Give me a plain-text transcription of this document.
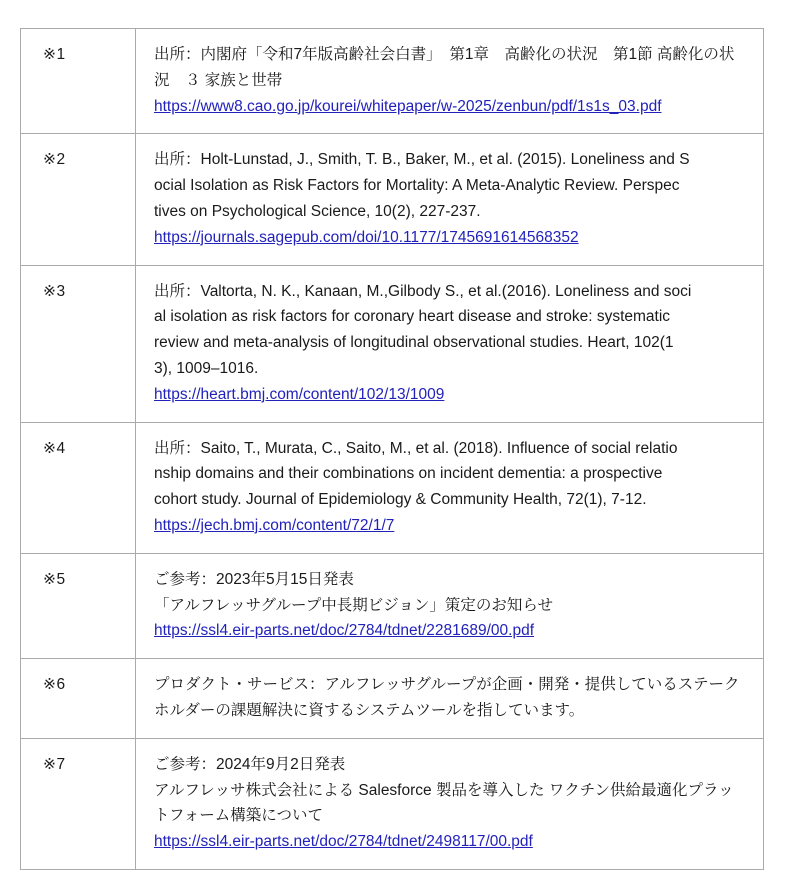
※1	出所：内閣府「令和7年版高齢社会白書」　第1章　高齢化の状況　第1節 高齢化の状
況　３ 家族と世帯
https://www8.cao.go.jp/kourei/whitepaper/w-2025/zenbun/pdf/1s1s_03.pdf

※2	出所：Holt-Lunstad, J., Smith, T. B., Baker, M., et al. (2015). Loneliness and S
ocial Isolation as Risk Factors for Mortality: A Meta-Analytic Review. Perspec
tives on Psychological Science, 10(2), 227-237.
https://journals.sagepub.com/doi/10.1177/1745691614568352

※3	出所：Valtorta, N. K., Kanaan, M.,Gilbody S., et al.(2016). Loneliness and soci
al isolation as risk factors for coronary heart disease and stroke: systematic
review and meta-analysis of longitudinal observational studies. Heart, 102(1
3), 1009–1016.
https://heart.bmj.com/content/102/13/1009

※4	出所：Saito, T., Murata, C., Saito, M., et al. (2018). Influence of social relatio
nship domains and their combinations on incident dementia: a prospective
cohort study. Journal of Epidemiology & Community Health, 72(1), 7-12.
https://jech.bmj.com/content/72/1/7

※5	ご参考：2023年5月15日発表
「アルフレッサグループ中長期ビジョン」策定のお知らせ
https://ssl4.eir-parts.net/doc/2784/tdnet/2281689/00.pdf

※6	プロダクト・サービス：アルフレッサグループが企画・開発・提供しているステーク
ホルダーの課題解決に資するシステムツールを指しています。

※7	ご参考：2024年9月2日発表
アルフレッサ株式会社による Salesforce 製品を導入した ワクチン供給最適化プラッ
トフォーム構築について
https://ssl4.eir-parts.net/doc/2784/tdnet/2498117/00.pdf
